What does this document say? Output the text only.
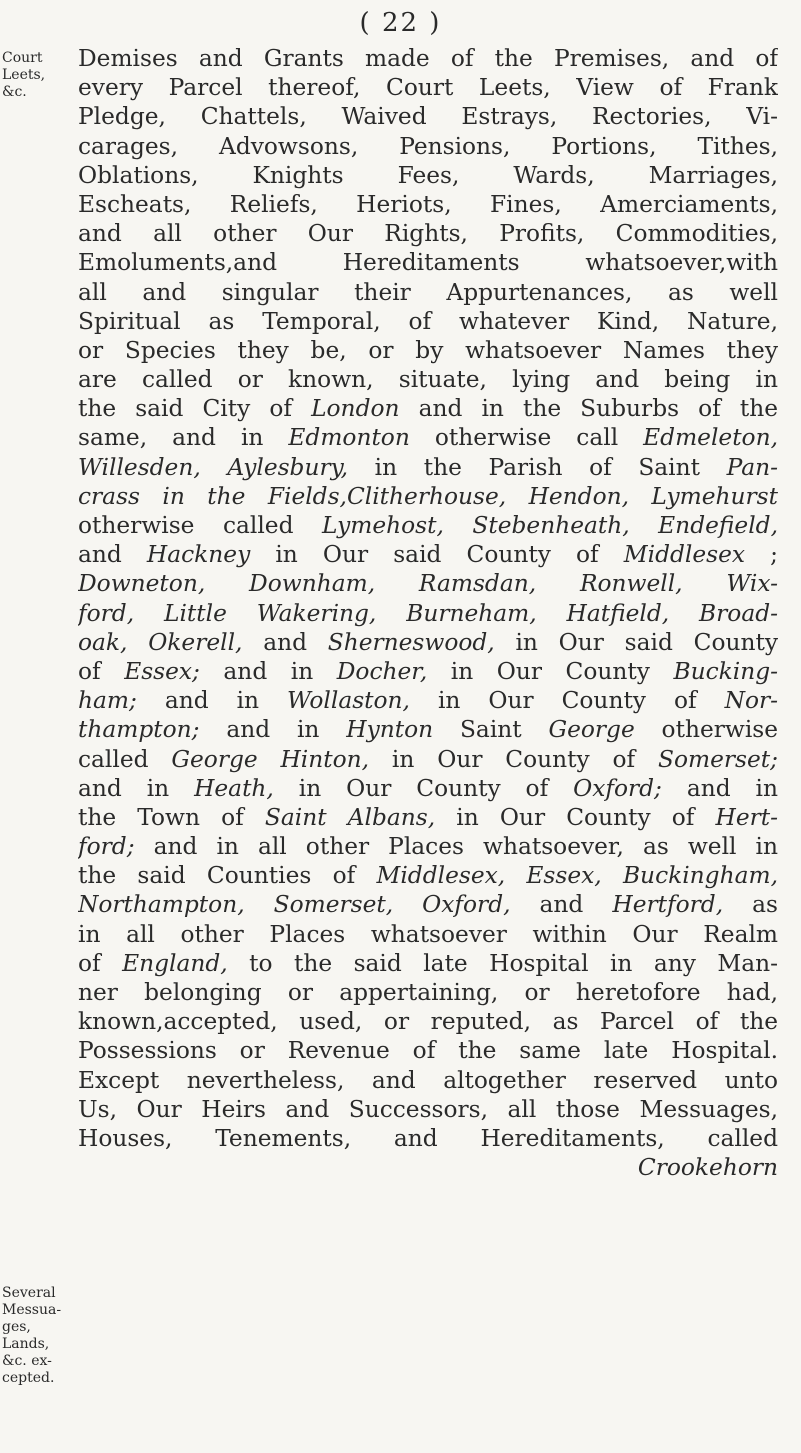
( 22 )
Court
Leets,
&c.
Several
Messua-
ges, Lands,
&c. ex-
cepted.
Demises and Grants made of the Premises, and of
every Parcel thereof, Court Leets, View of Frank
Pledge, Chattels, Waived Estrays, Rectories, Vi-
carages, Advowsons, Pensions, Portions, Tithes,
Oblations, Knights Fees, Wards, Marriages,
Escheats, Reliefs, Heriots, Fines, Amerciaments,
and all other Our Rights, Profits, Commodities,
Emoluments,and Hereditaments whatsoever,with
all and singular their Appurtenances, as well
Spiritual as Temporal, of whatever Kind, Nature,
or Species they be, or by whatsoever Names they
are called or known, situate, lying and being in
the said City of London and in the Suburbs of the
same, and in Edmonton otherwise call Edmeleton,
Willesden, Aylesbury, in the Parish of Saint Pan-
crass in the Fields,Clitherhouse, Hendon, Lymehurst
otherwise called Lymehost, Stebenheath, Endefield,
and Hackney in Our said County of Middlesex ;
Downeton, Downham, Ramsdan, Ronwell, Wix-
ford, Little Wakering, Burneham, Hatfield, Broad-
oak, Okerell, and Sherneswood, in Our said County
of Essex; and in Docher, in Our County Bucking-
ham; and in Wollaston, in Our County of Nor-
thampton; and in Hynton Saint George otherwise
called George Hinton, in Our County of Somerset;
and in Heath, in Our County of Oxford; and in
the Town of Saint Albans, in Our County of Hert-
ford; and in all other Places whatsoever, as well in
the said Counties of Middlesex, Essex, Buckingham,
Northampton, Somerset, Oxford, and Hertford, as
in all other Places whatsoever within Our Realm
of England, to the said late Hospital in any Man-
ner belonging or appertaining, or heretofore had,
known,accepted, used, or reputed, as Parcel of the
Possessions or Revenue of the same late Hospital.
Except nevertheless, and altogether reserved unto
Us, Our Heirs and Successors, all those Messuages,
Houses, Tenements, and Hereditaments, called
Crookehorn
